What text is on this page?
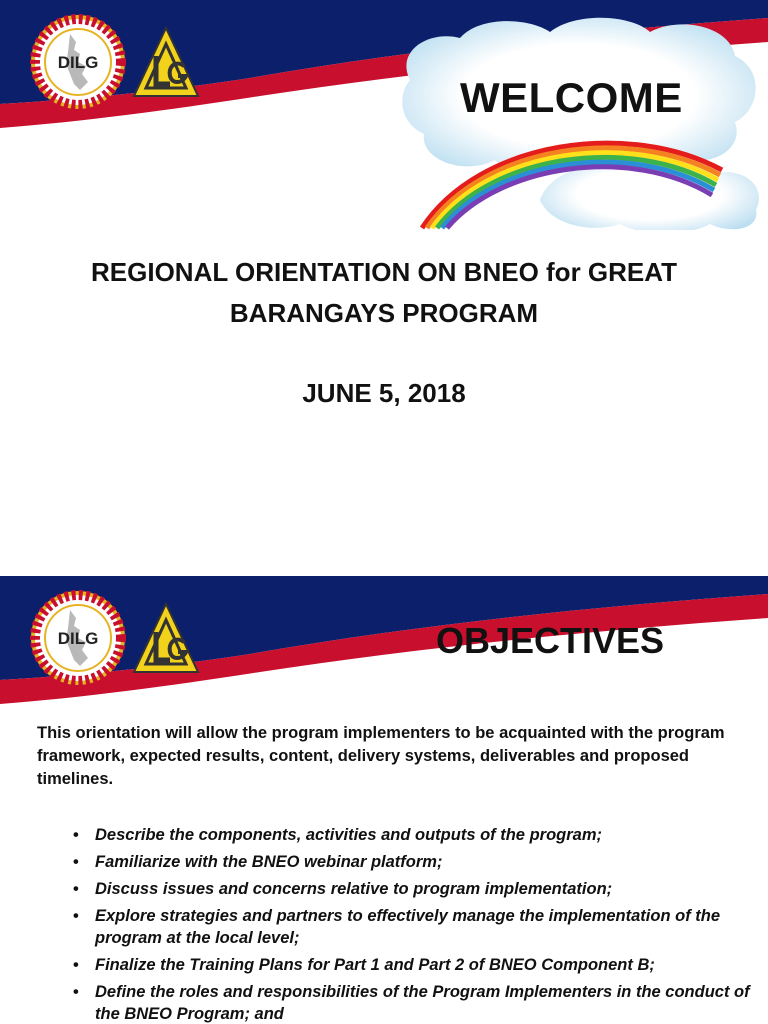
DILG
WELCOME
REGIONAL ORIENTATION ON BNEO for GREAT BARANGAYS PROGRAM
JUNE 5, 2018
DILG	OBJECTIVES
This orientation will allow the program implementers to be acquainted with the program framework, expected results, content, delivery systems, deliverables and proposed timelines.
• Describe the components, activities and outputs of the program;
• Familiarize with the BNEO webinar platform;
• Discuss issues and concerns relative to program implementation;
• Explore strategies and partners to effectively manage the implementation of the program at the local level;
• Finalize the Training Plans for Part 1 and Part 2 of BNEO Component B;
• Define the roles and responsibilities of the Program Implementers in the conduct of the BNEO Program; and
